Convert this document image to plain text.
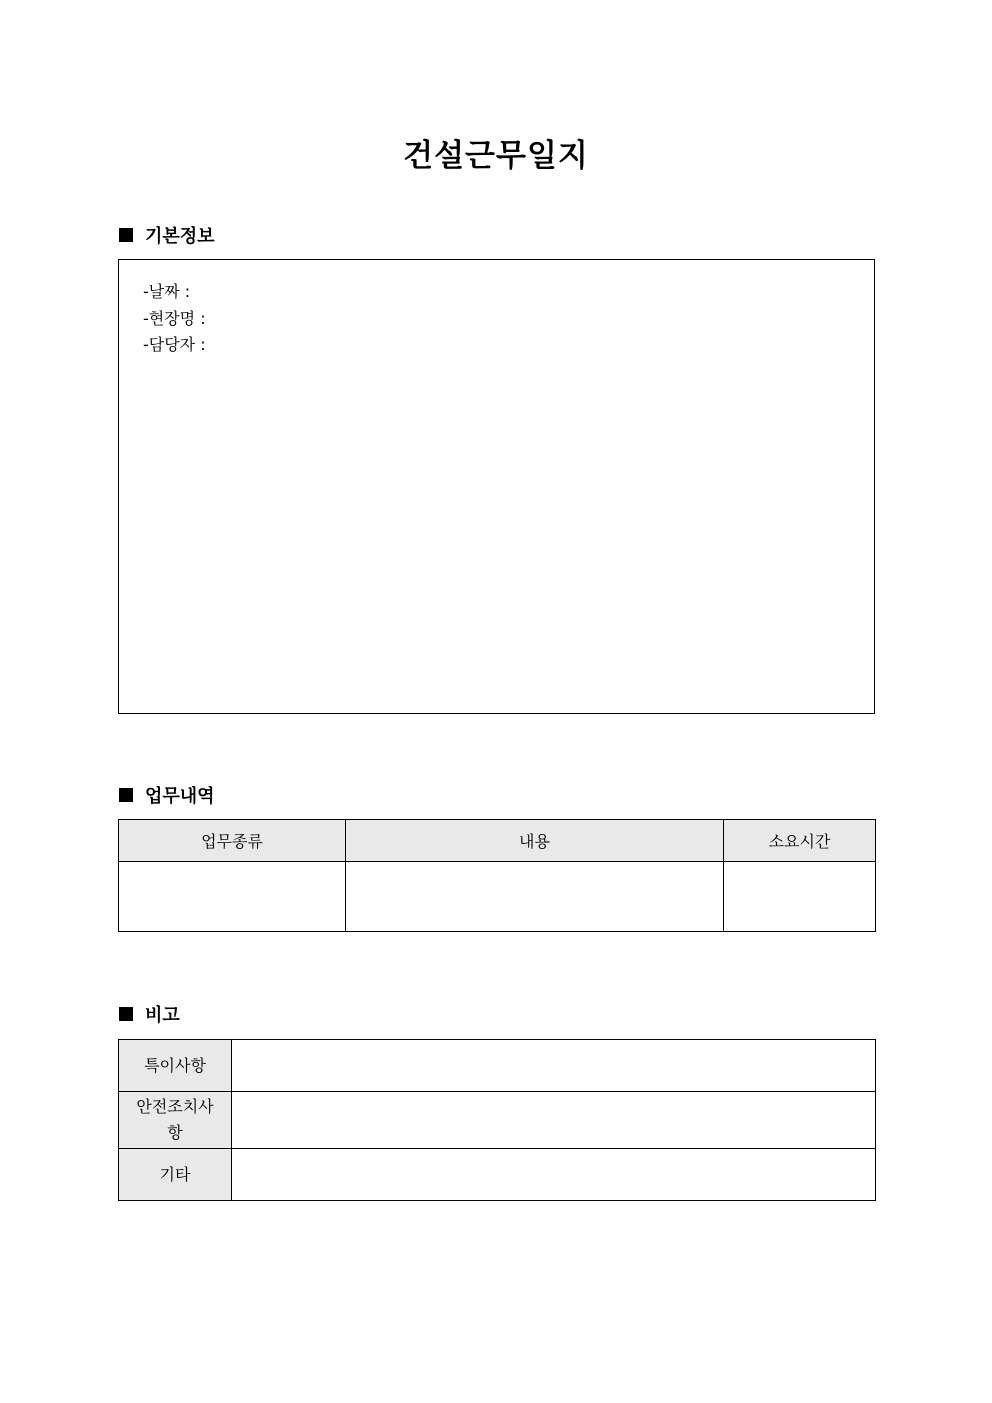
건설근무일지
기본정보
-날짜 :
-현장명 :
-담당자 :
업무내역
업무종류	내용	소요시간

비고
특이사항	
안전조치사항	
기타	
